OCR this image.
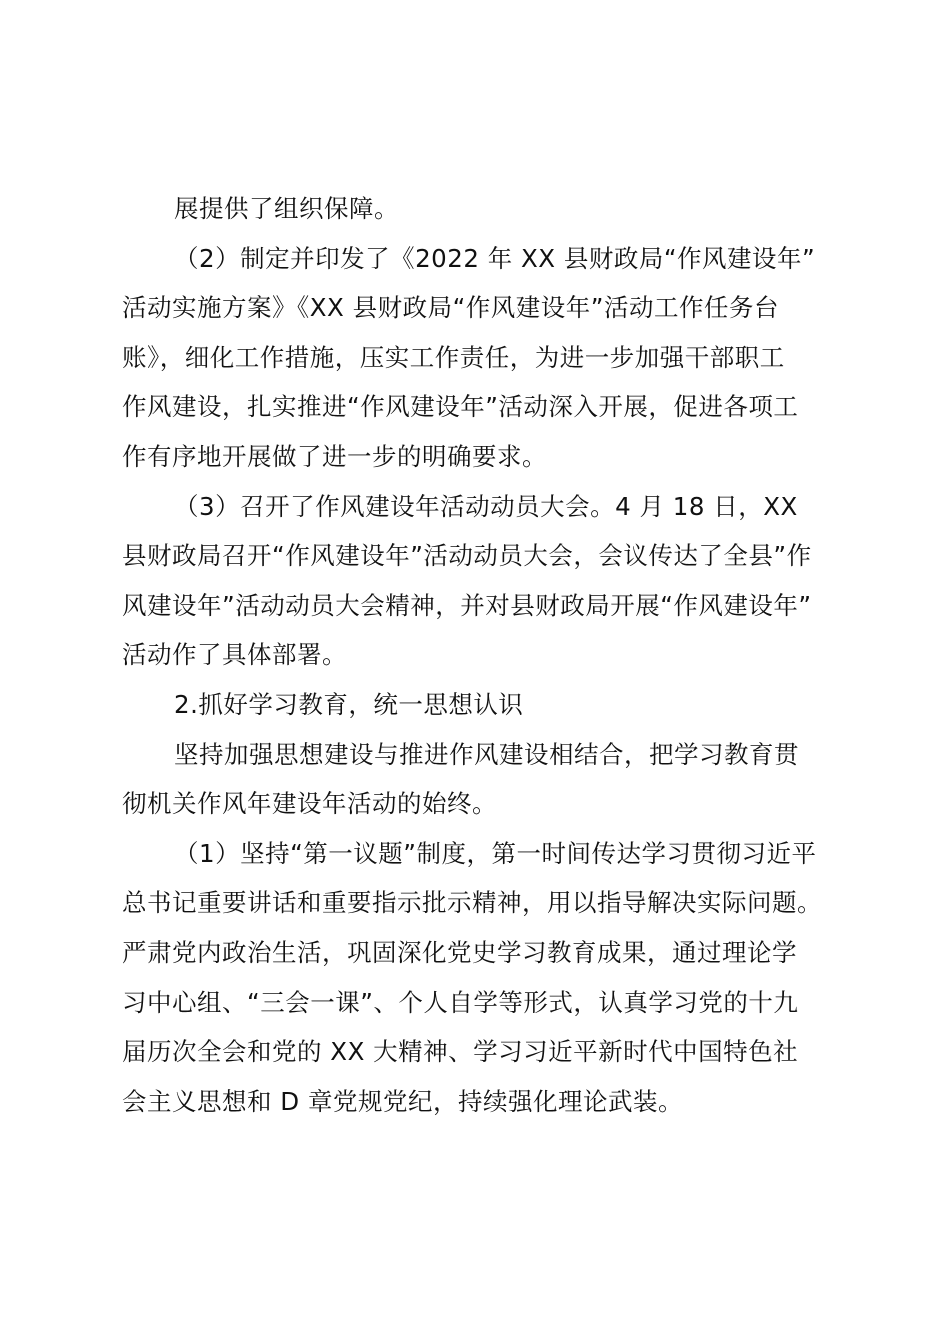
展提供了组织保障。
（2）制定并印发了《2022 年 XX 县财政局“作风建设年”
活动实施方案》《XX 县财政局“作风建设年”活动工作任务台
账》，细化工作措施，压实工作责任，为进一步加强干部职工
作风建设，扎实推进“作风建设年”活动深入开展，促进各项工
作有序地开展做了进一步的明确要求。
（3）召开了作风建设年活动动员大会。4 月 18 日，XX
县财政局召开“作风建设年”活动动员大会，会议传达了全县”作
风建设年”活动动员大会精神，并对县财政局开展“作风建设年”
活动作了具体部署。
2.抓好学习教育，统一思想认识
坚持加强思想建设与推进作风建设相结合，把学习教育贯
彻机关作风年建设年活动的始终。
（1）坚持“第一议题”制度，第一时间传达学习贯彻习近平
总书记重要讲话和重要指示批示精神，用以指导解决实际问题。
严肃党内政治生活，巩固深化党史学习教育成果，通过理论学
习中心组、“三会一课”、个人自学等形式，认真学习党的十九
届历次全会和党的 XX 大精神、学习习近平新时代中国特色社
会主义思想和 D 章党规党纪，持续强化理论武装。
